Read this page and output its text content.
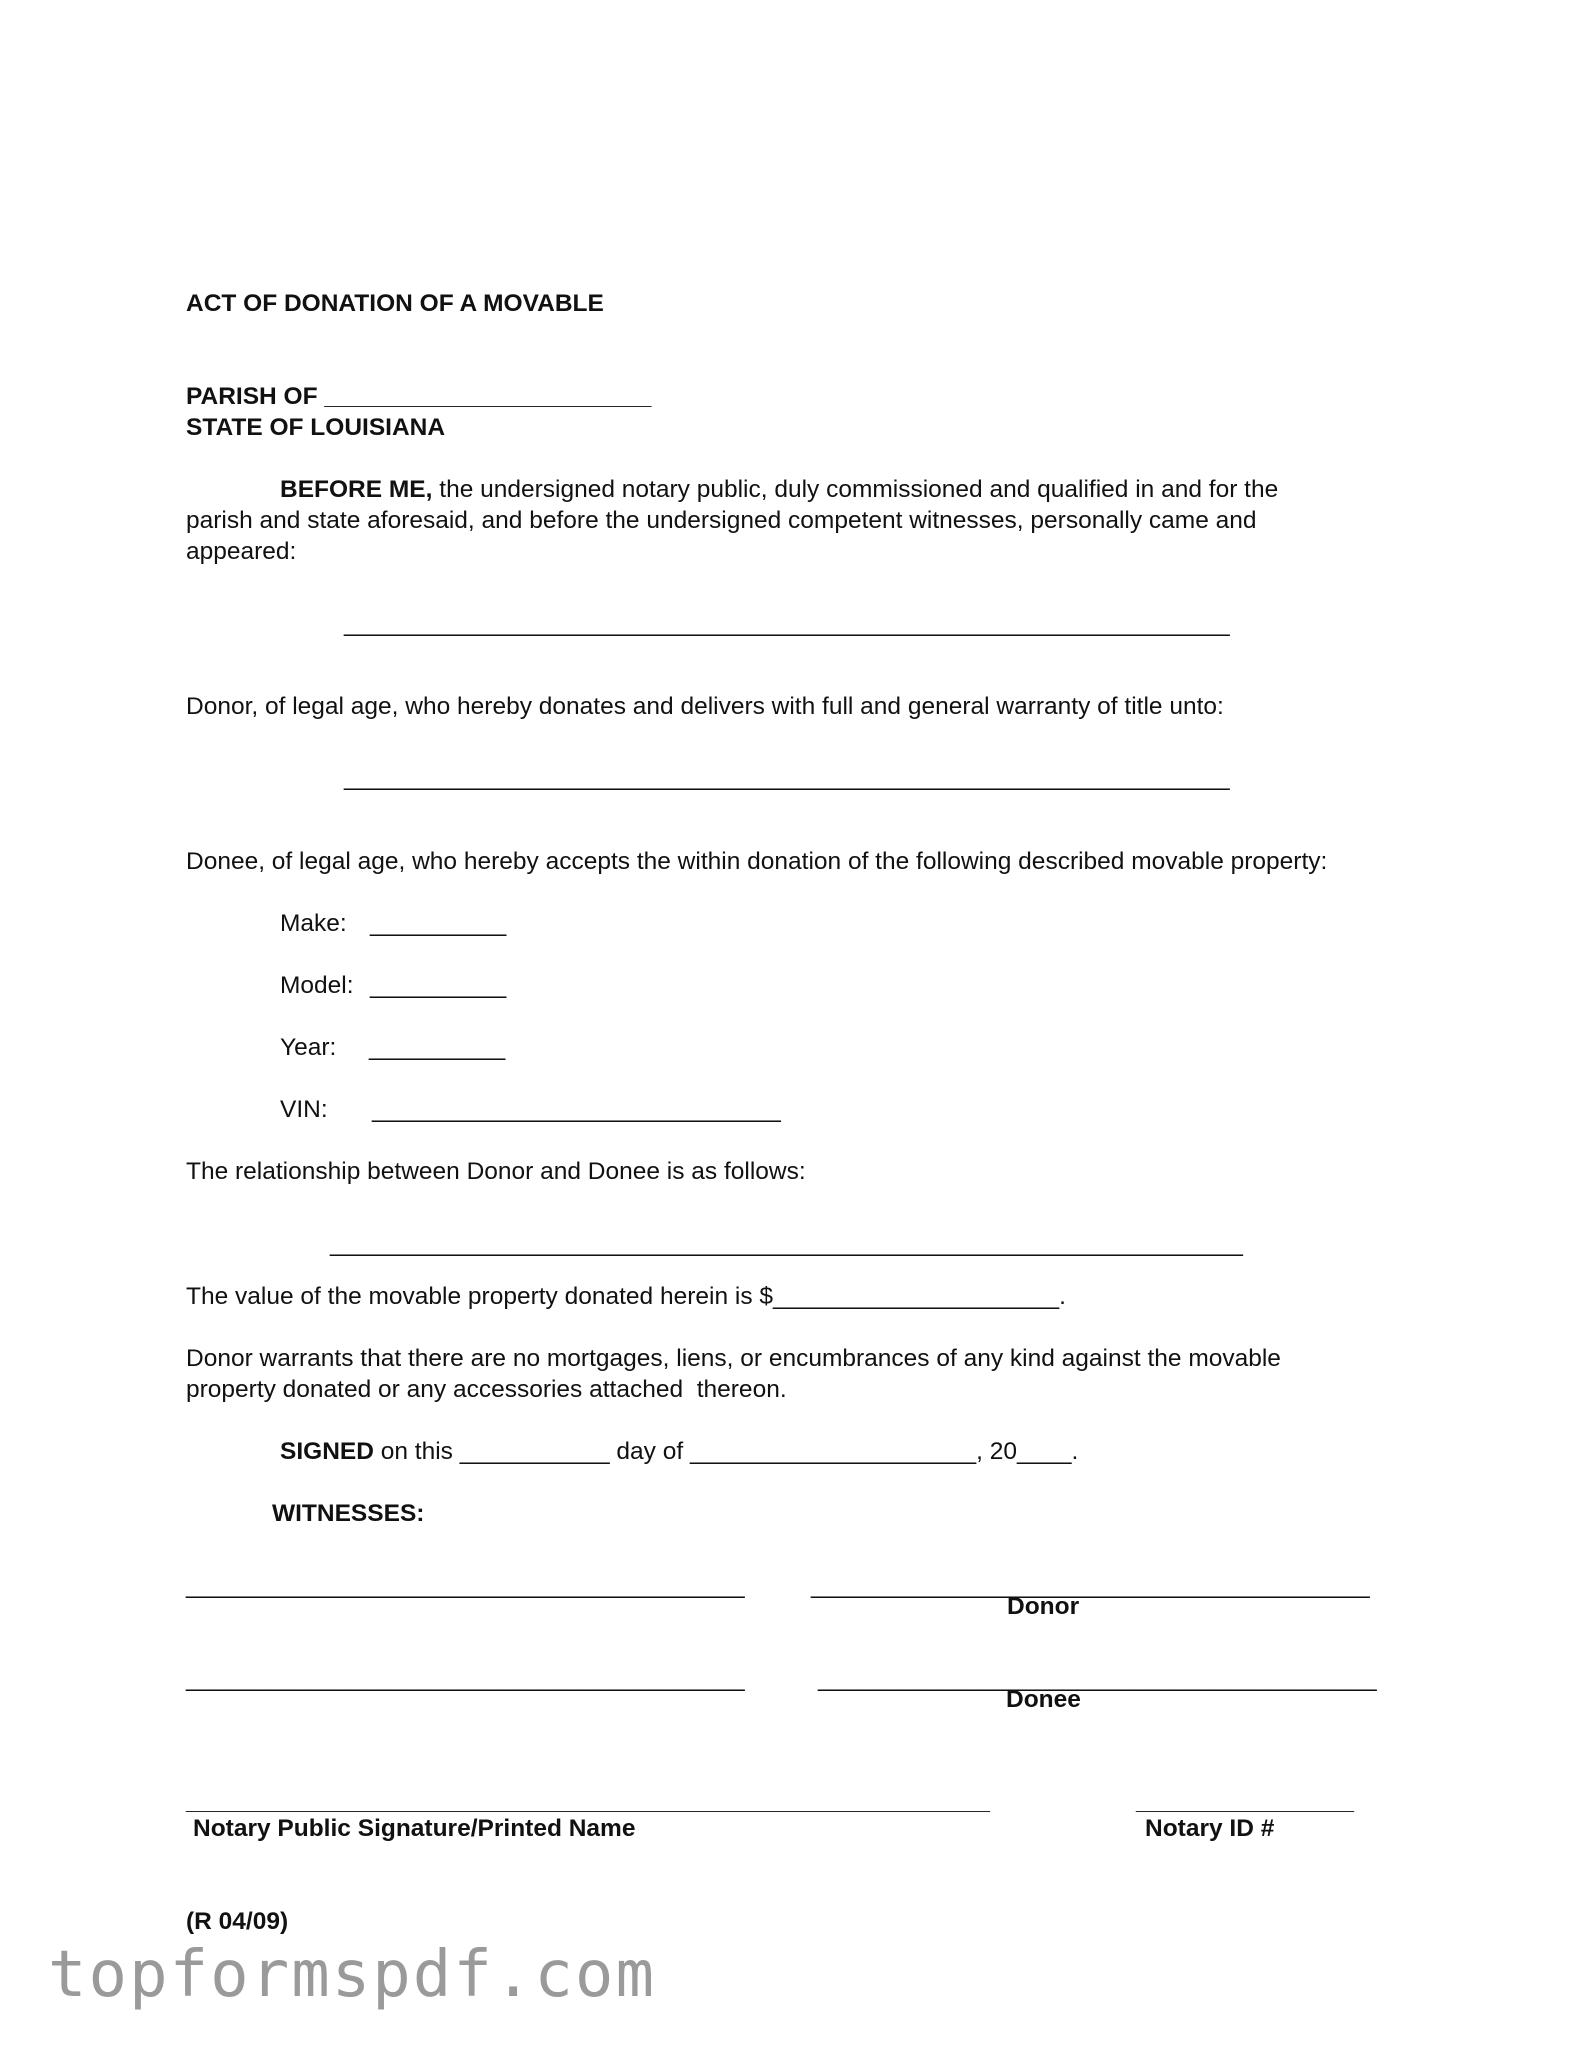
ACT OF DONATION OF A MOVABLE
PARISH OF ________________________
STATE OF LOUISIANA
BEFORE ME, the undersigned notary public, duly commissioned and qualified in and for the
parish and state aforesaid, and before the undersigned competent witnesses, personally came and
appeared:
_________________________________________________________________
Donor, of legal age, who hereby donates and delivers with full and general warranty of title unto:
_________________________________________________________________
Donee, of legal age, who hereby accepts the within donation of the following described movable property:
Make: __________
Model: __________
Year: __________
VIN: ______________________________
The relationship between Donor and Donee is as follows:
___________________________________________________________________
The value of the movable property donated herein is $_____________________.
Donor warrants that there are no mortgages, liens, or encumbrances of any kind against the movable
property donated or any accessories attached  thereon.
SIGNED on this ___________ day of _____________________, 20____.
WITNESSES:
_________________________________________	_________________________________________
Donor
_________________________________________	_________________________________________
Donee
___________________________________________________________	________________
Notary Public Signature/Printed Name	Notary ID #
(R 04/09)
topformspdf.com
